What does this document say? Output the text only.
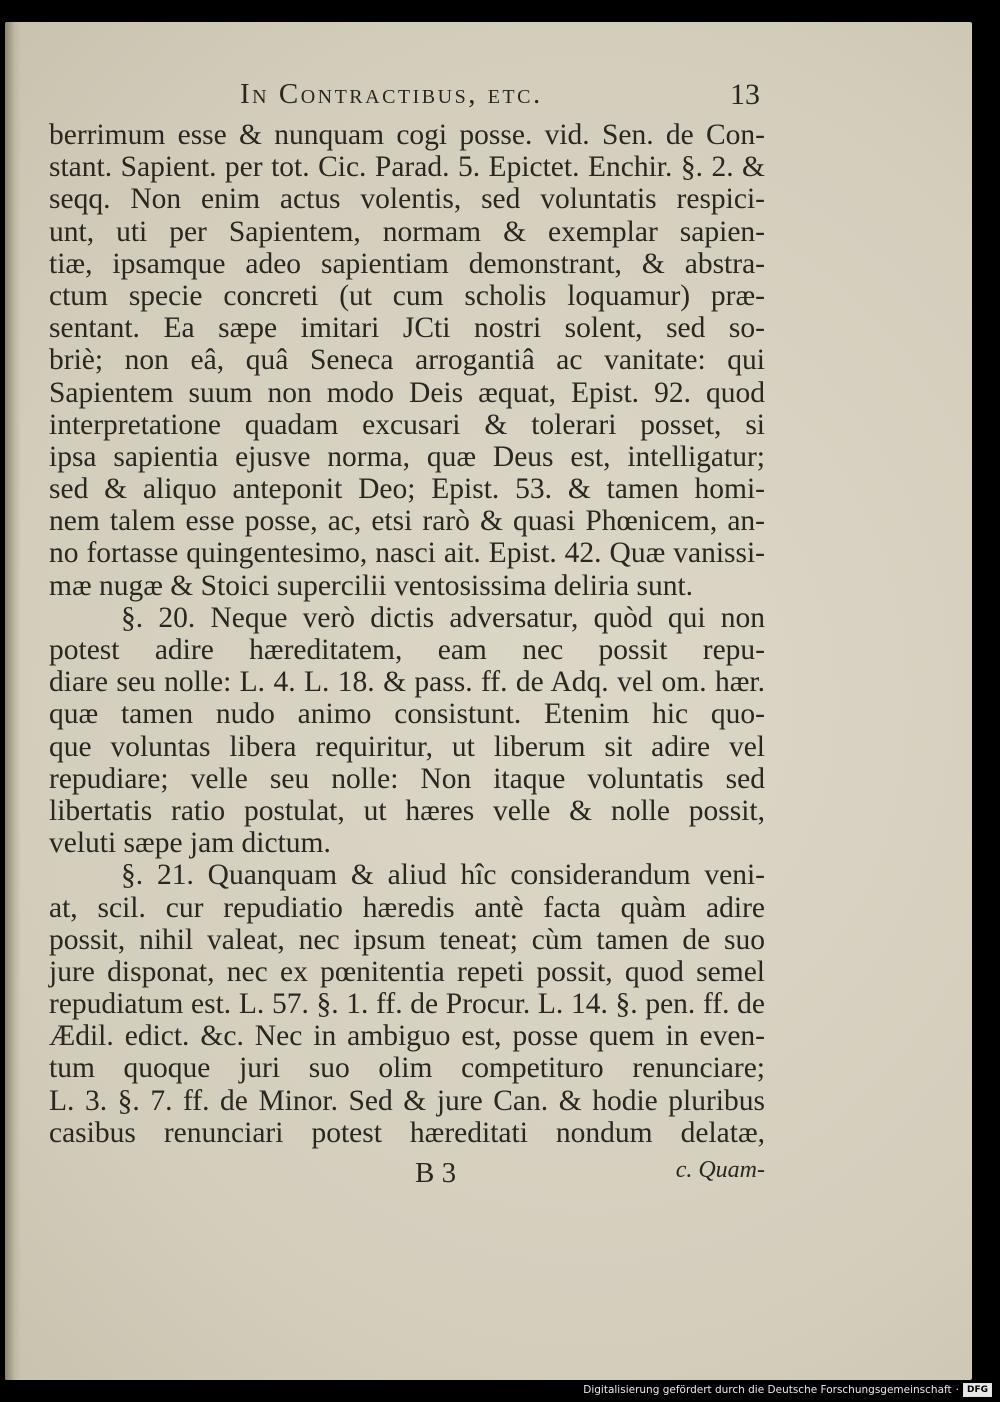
In Contractibus, etc.	13
berrimum esse & nunquam cogi posse. vid. Sen. de Con-
stant. Sapient. per tot. Cic. Parad. 5. Epictet. Enchir. §. 2. &
seqq. Non enim actus volentis, sed voluntatis respici-
unt, uti per Sapientem, normam & exemplar sapien-
tiæ, ipsamque adeo sapientiam demonstrant, & abstra-
ctum specie concreti (ut cum scholis loquamur) præ-
sentant. Ea sæpe imitari JCti nostri solent, sed so-
briè; non eâ, quâ Seneca arrogantiâ ac vanitate: qui
Sapientem suum non modo Deis æquat, Epist. 92. quod
interpretatione quadam excusari & tolerari posset, si
ipsa sapientia ejusve norma, quæ Deus est, intelligatur;
sed & aliquo anteponit Deo; Epist. 53. & tamen homi-
nem talem esse posse, ac, etsi rarò & quasi Phœnicem, an-
no fortasse quingentesimo, nasci ait. Epist. 42. Quæ vanissi-
mæ nugæ & Stoici supercilii ventosissima deliria sunt.
§. 20. Neque verò dictis adversatur, quòd qui non
potest adire hæreditatem, eam nec possit repu-
diare seu nolle: L. 4. L. 18. & pass. ff. de Adq. vel om. hær.
quæ tamen nudo animo consistunt. Etenim hic quo-
que voluntas libera requiritur, ut liberum sit adire vel
repudiare; velle seu nolle: Non itaque voluntatis sed
libertatis ratio postulat, ut hæres velle & nolle possit,
veluti sæpe jam dictum.
§. 21. Quanquam & aliud hîc considerandum veni-
at, scil. cur repudiatio hæredis antè facta quàm adire
possit, nihil valeat, nec ipsum teneat; cùm tamen de suo
jure disponat, nec ex pœnitentia repeti possit, quod semel
repudiatum est. L. 57. §. 1. ff. de Procur. L. 14. §. pen. ff. de
Ædil. edict. &c. Nec in ambiguo est, posse quem in even-
tum quoque juri suo olim competituro renunciare;
L. 3. §. 7. ff. de Minor. Sed & jure Can. & hodie pluribus
casibus renunciari potest hæreditati nondum delatæ,
B 3	c. Quam-
Digitalisierung gefördert durch die Deutsche Forschungsgemeinschaft · DFG
